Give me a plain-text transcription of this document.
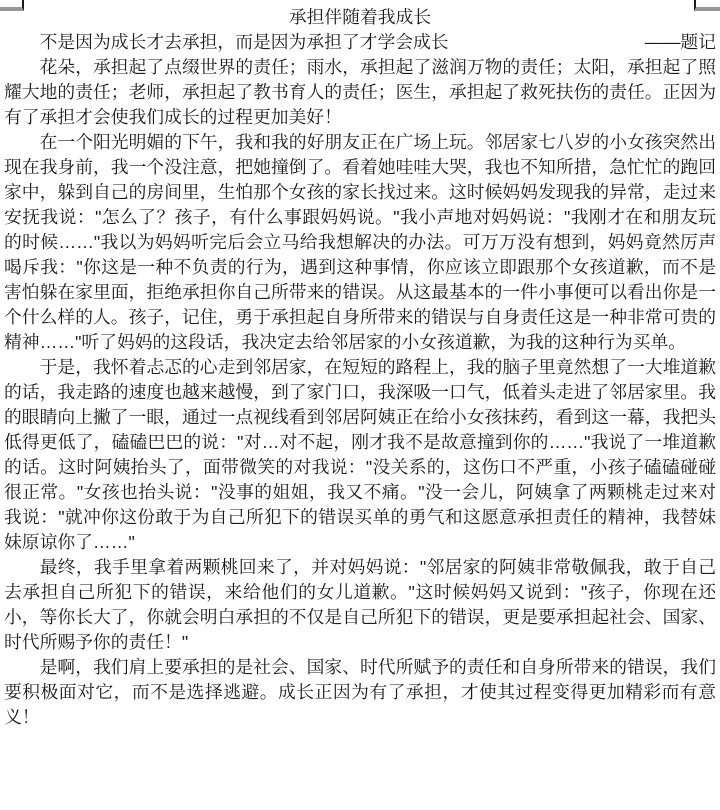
承担伴随着我成长

——题记
不是因为成长才去承担，而是因为承担了才学会成长

花朵，承担起了点缀世界的责任；雨水，承担起了滋润万物的责任；太阳，承担起了照耀大地的责任；老师，承担起了教书育人的责任；医生，承担起了救死扶伤的责任。正因为有了承担才会使我们成长的过程更加美好！

在一个阳光明媚的下午，我和我的好朋友正在广场上玩。邻居家七八岁的小女孩突然出现在我身前，我一个没注意，把她撞倒了。看着她哇哇大哭，我也不知所措，急忙忙的跑回家中，躲到自己的房间里，生怕那个女孩的家长找过来。这时候妈妈发现我的异常，走过来安抚我说："怎么了？孩子，有什么事跟妈妈说。"我小声地对妈妈说："我刚才在和朋友玩的时候……"我以为妈妈听完后会立马给我想解决的办法。可万万没有想到，妈妈竟然厉声喝斥我："你这是一种不负责的行为，遇到这种事情，你应该立即跟那个女孩道歉，而不是害怕躲在家里面，拒绝承担你自己所带来的错误。从这最基本的一件小事便可以看出你是一个什么样的人。孩子，记住，勇于承担起自身所带来的错误与自身责任这是一种非常可贵的精神……"听了妈妈的这段话，我决定去给邻居家的小女孩道歉，为我的这种行为买单。

于是，我怀着忐忑的心走到邻居家，在短短的路程上，我的脑子里竟然想了一大堆道歉的话，我走路的速度也越来越慢，到了家门口，我深吸一口气，低着头走进了邻居家里。我的眼睛向上撇了一眼，通过一点视线看到邻居阿姨正在给小女孩抹药，看到这一幕，我把头低得更低了，磕磕巴巴的说："对…对不起，刚才我不是故意撞到你的……"我说了一堆道歉的话。这时阿姨抬头了，面带微笑的对我说："没关系的，这伤口不严重，小孩子磕磕碰碰很正常。"女孩也抬头说："没事的姐姐，我又不痛。"没一会儿，阿姨拿了两颗桃走过来对我说："就冲你这份敢于为自己所犯下的错误买单的勇气和这愿意承担责任的精神，我替妹妹原谅你了……"

最终，我手里拿着两颗桃回来了，并对妈妈说："邻居家的阿姨非常敬佩我，敢于自己去承担自己所犯下的错误，来给他们的女儿道歉。"这时候妈妈又说到："孩子，你现在还小，等你长大了，你就会明白承担的不仅是自己所犯下的错误，更是要承担起社会、国家、时代所赐予你的责任！"

是啊，我们肩上要承担的是社会、国家、时代所赋予的责任和自身所带来的错误，我们要积极面对它，而不是选择逃避。成长正因为有了承担，才使其过程变得更加精彩而有意义！
